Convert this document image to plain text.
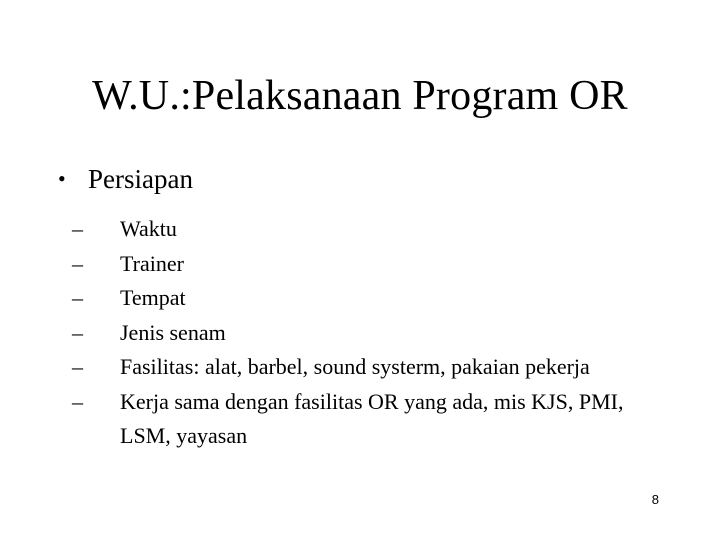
W.U.:Pelaksanaan Program OR
• Persiapan
– Waktu
– Trainer
– Tempat
– Jenis senam
– Fasilitas: alat, barbel, sound systerm, pakaian pekerja
– Kerja sama dengan fasilitas OR yang ada, mis KJS, PMI, LSM, yayasan
8
